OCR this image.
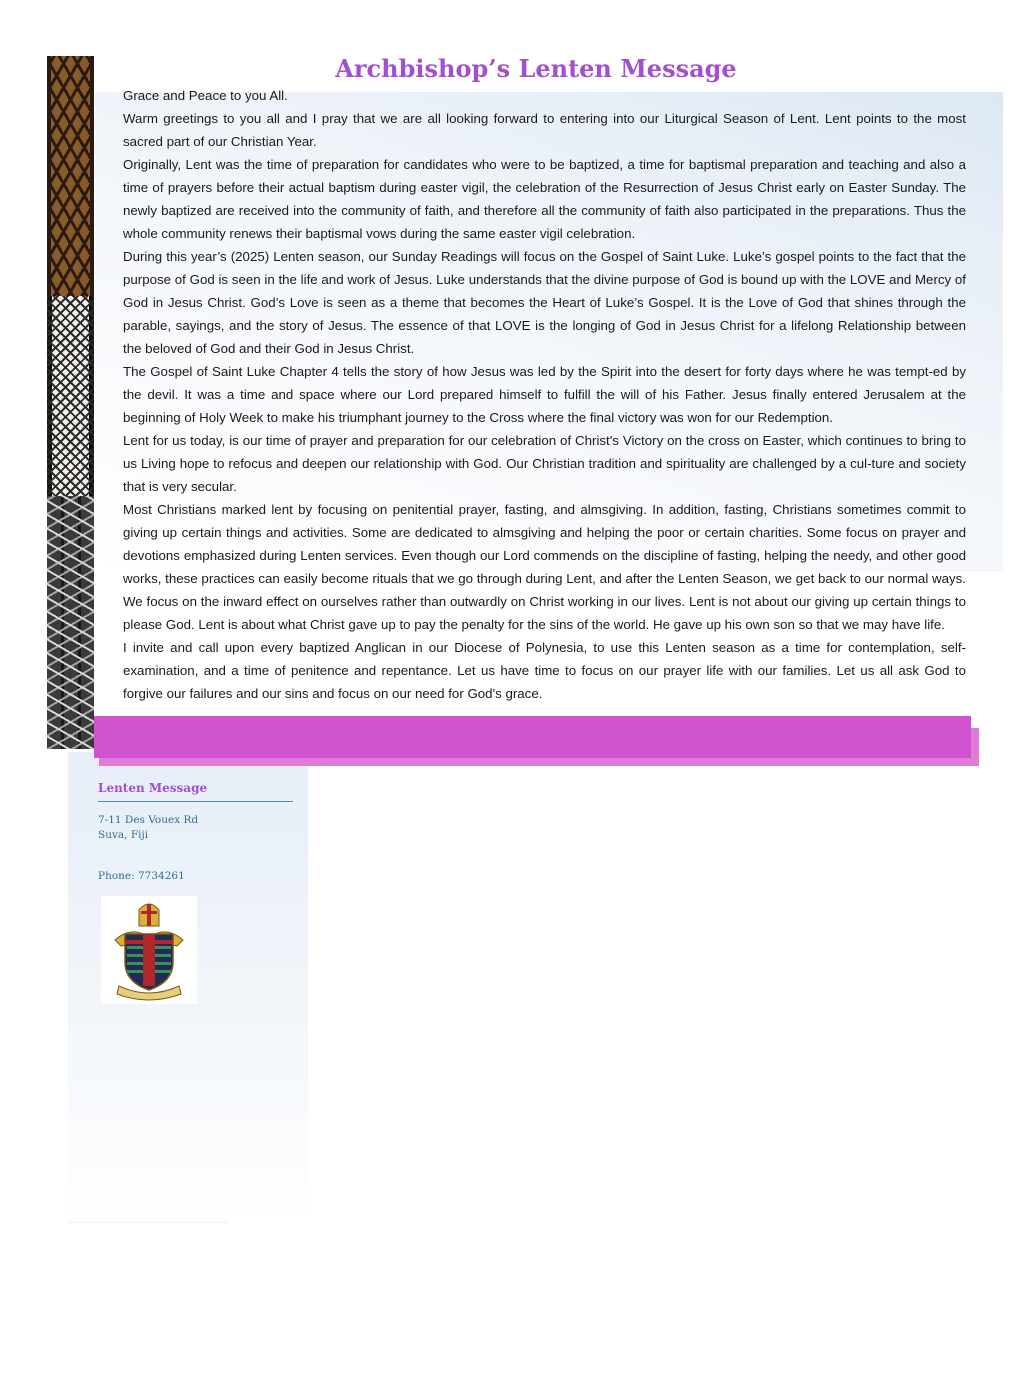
Archbishop’s Lenten Message

Grace and Peace to you All.

Warm greetings to you all and I pray that we are all looking forward to entering into our Liturgical Season of Lent. Lent points to the most sacred part of our Christian Year.

Originally, Lent was the time of preparation for candidates who were to be baptized, a time for baptismal preparation and teaching and also a time of prayers before their actual baptism during easter vigil, the celebration of the Resurrection of Jesus Christ early on Easter Sunday. The newly baptized are received into the community of faith, and therefore all the community of faith also participated in the preparations. Thus the whole community renews their baptismal vows during the same easter vigil celebration.

During this year’s (2025) Lenten season, our Sunday Readings will focus on the Gospel of Saint Luke. Luke’s gospel points to the fact that the purpose of God is seen in the life and work of Jesus. Luke understands that the divine purpose of God is bound up with the LOVE and Mercy of God in Jesus Christ. God’s Love is seen as a theme that becomes the Heart of Luke’s Gospel. It is the Love of God that shines through the parable, sayings, and the story of Jesus. The essence of that LOVE is the longing of God in Jesus Christ for a lifelong Relationship between the beloved of God and their God in Jesus Christ.

The Gospel of Saint Luke Chapter 4 tells the story of how Jesus was led by the Spirit into the desert for forty days where he was tempt-ed by the devil. It was a time and space where our Lord prepared himself to fulfill the will of his Father. Jesus finally entered Jerusalem at the beginning of Holy Week to make his triumphant journey to the Cross where the final victory was won for our Redemption.

Lent for us today, is our time of prayer and preparation for our celebration of Christ's Victory on the cross on Easter, which continues to bring to us Living hope to refocus and deepen our relationship with God. Our Christian tradition and spirituality are challenged by a cul-ture and society that is very secular.

Most Christians marked lent by focusing on penitential prayer, fasting, and almsgiving. In addition, fasting, Christians sometimes commit to giving up certain things and activities. Some are dedicated to almsgiving and helping the poor or certain charities. Some focus on prayer and devotions emphasized during Lenten services. Even though our Lord commends on the discipline of fasting, helping the needy, and other good works, these practices can easily become rituals that we go through during Lent, and after the Lenten Season, we get back to our normal ways. We focus on the inward effect on ourselves rather than outwardly on Christ working in our lives. Lent is not about our giving up certain things to please God. Lent is about what Christ gave up to pay the penalty for the sins of the world. He gave up his own son so that we may have life.

I invite and call upon every baptized Anglican in our Diocese of Polynesia, to use this Lenten season as a time for contemplation, self-examination, and a time of penitence and repentance. Let us have time to focus on our prayer life with our families. Let us all ask God to forgive our failures and our sins and focus on our need for God's grace.

Lenten Message
7-11 Des Vouex Rd
Suva, Fiji
Phone: 7734261
